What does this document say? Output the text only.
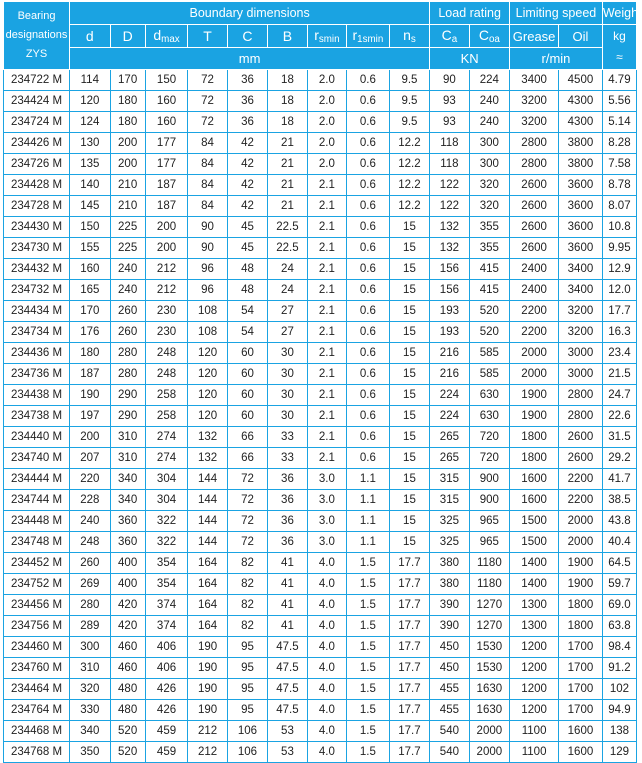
Bearing
designations
ZYS	Boundary dimensions									Load rating		Limiting speed		Weight
	d	D	$d_{max}$	T	C	B	$r_{smin}$	$r_{1smin}$	$n_s$	$C_a$	$C_{oa}$	Grease	Oil	kg
≈

	mm									KN		r/min		
234722 M	114	170	150	72	36	18	2.0	0.6	9.5	90	224	3400	4500	4.79
234424 M	120	180	160	72	36	18	2.0	0.6	9.5	93	240	3200	4300	5.56
234724 M	124	180	160	72	36	18	2.0	0.6	9.5	93	240	3200	4300	5.14
234426 M	130	200	177	84	42	21	2.0	0.6	12.2	118	300	2800	3800	8.28
234726 M	135	200	177	84	42	21	2.0	0.6	12.2	118	300	2800	3800	7.58
234428 M	140	210	187	84	42	21	2.1	0.6	12.2	122	320	2600	3600	8.78
234728 M	145	210	187	84	42	21	2.1	0.6	12.2	122	320	2600	3600	8.07
234430 M	150	225	200	90	45	22.5	2.1	0.6	15	132	355	2600	3600	10.8
234730 M	155	225	200	90	45	22.5	2.1	0.6	15	132	355	2600	3600	9.95
234432 M	160	240	212	96	48	24	2.1	0.6	15	156	415	2400	3400	12.9
234732 M	165	240	212	96	48	24	2.1	0.6	15	156	415	2400	3400	12.0
234434 M	170	260	230	108	54	27	2.1	0.6	15	193	520	2200	3200	17.7
234734 M	176	260	230	108	54	27	2.1	0.6	15	193	520	2200	3200	16.3
234436 M	180	280	248	120	60	30	2.1	0.6	15	216	585	2000	3000	23.4
234736 M	187	280	248	120	60	30	2.1	0.6	15	216	585	2000	3000	21.5
234438 M	190	290	258	120	60	30	2.1	0.6	15	224	630	1900	2800	24.7
234738 M	197	290	258	120	60	30	2.1	0.6	15	224	630	1900	2800	22.6
234440 M	200	310	274	132	66	33	2.1	0.6	15	265	720	1800	2600	31.5
234740 M	207	310	274	132	66	33	2.1	0.6	15	265	720	1800	2600	29.2
234444 M	220	340	304	144	72	36	3.0	1.1	15	315	900	1600	2200	41.7
234744 M	228	340	304	144	72	36	3.0	1.1	15	315	900	1600	2200	38.5
234448 M	240	360	322	144	72	36	3.0	1.1	15	325	965	1500	2000	43.8
234748 M	248	360	322	144	72	36	3.0	1.1	15	325	965	1500	2000	40.4
234452 M	260	400	354	164	82	41	4.0	1.5	17.7	380	1180	1400	1900	64.5
234752 M	269	400	354	164	82	41	4.0	1.5	17.7	380	1180	1400	1900	59.7
234456 M	280	420	374	164	82	41	4.0	1.5	17.7	390	1270	1300	1800	69.0
234756 M	289	420	374	164	82	41	4.0	1.5	17.7	390	1270	1300	1800	63.8
234460 M	300	460	406	190	95	47.5	4.0	1.5	17.7	450	1530	1200	1700	98.4
234760 M	310	460	406	190	95	47.5	4.0	1.5	17.7	450	1530	1200	1700	91.2
234464 M	320	480	426	190	95	47.5	4.0	1.5	17.7	455	1630	1200	1700	102
234764 M	330	480	426	190	95	47.5	4.0	1.5	17.7	455	1630	1200	1700	94.9
234468 M	340	520	459	212	106	53	4.0	1.5	17.7	540	2000	1100	1600	138
234768 M	350	520	459	212	106	53	4.0	1.5	17.7	540	2000	1100	1600	129
